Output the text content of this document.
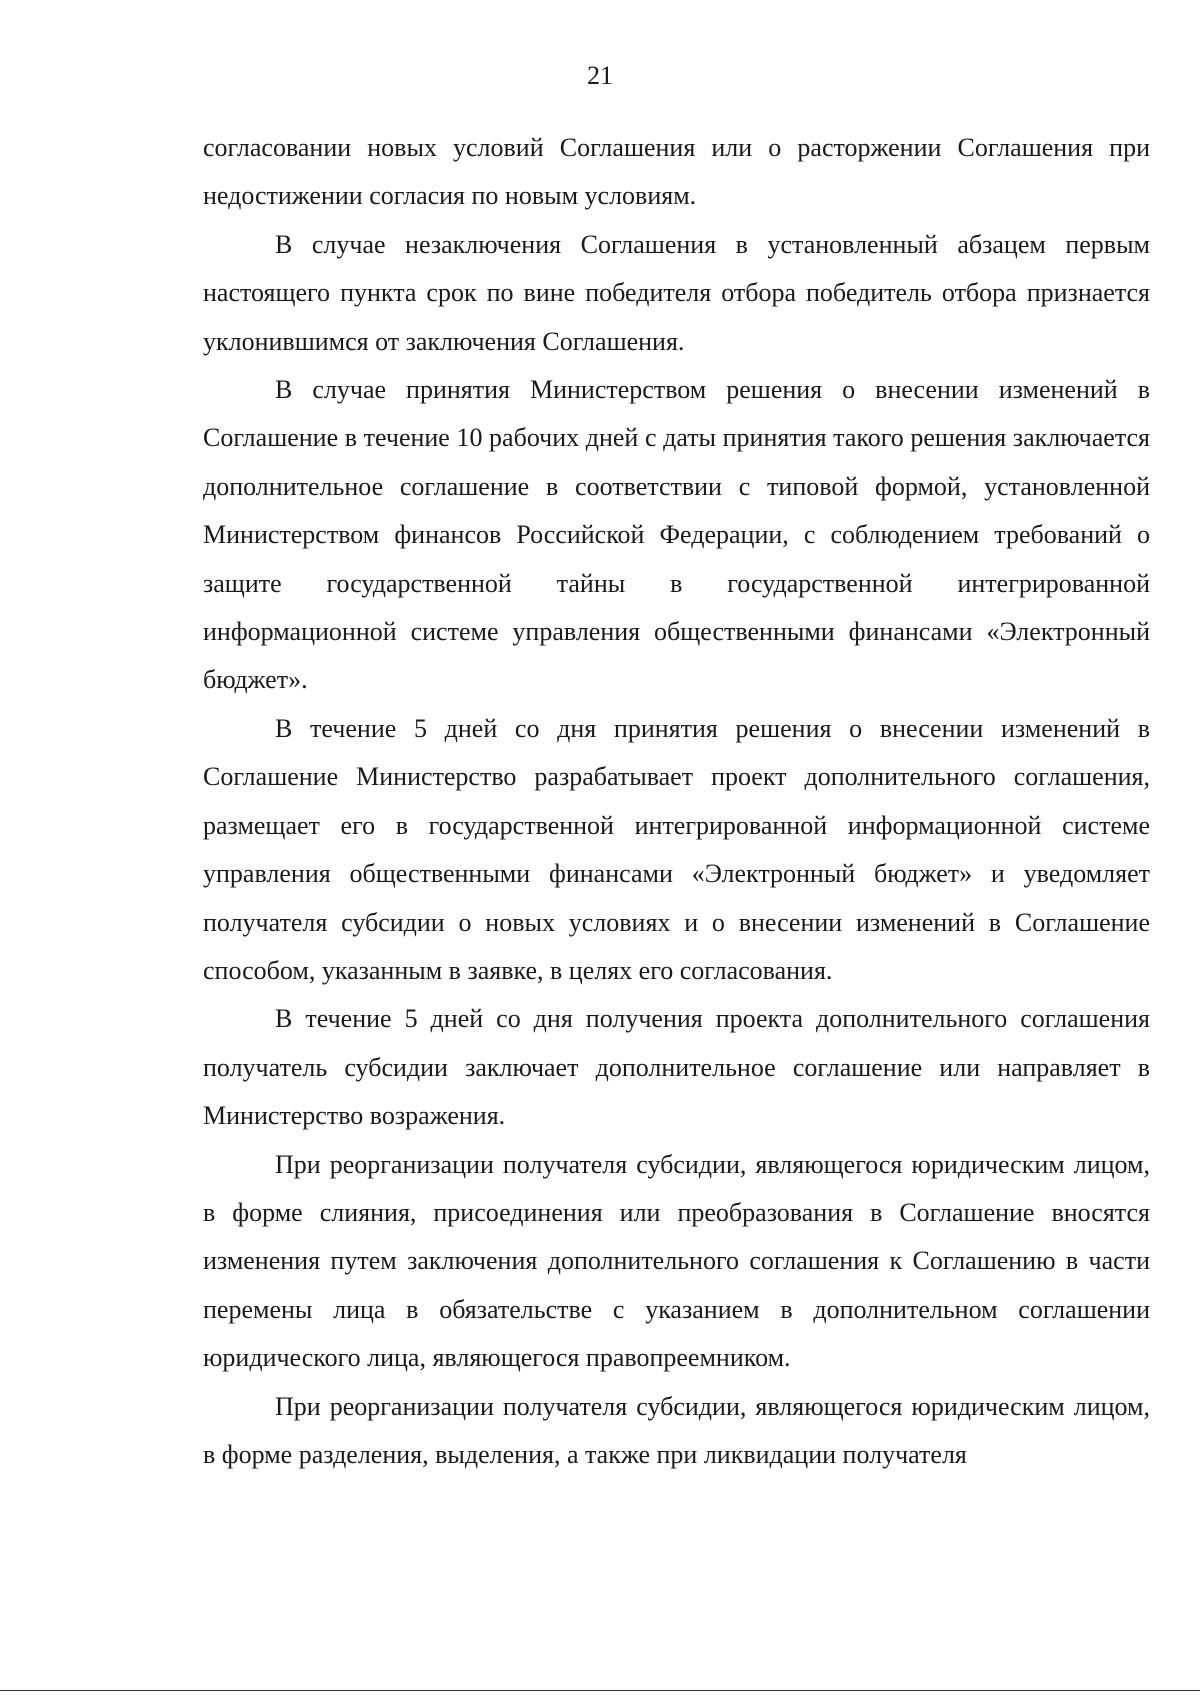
21

согласовании новых условий Соглашения или о расторжении Соглашения при недостижении согласия по новым условиям.

В случае незаключения Соглашения в установленный абзацем первым настоящего пункта срок по вине победителя отбора победитель отбора признается уклонившимся от заключения Соглашения.

В случае принятия Министерством решения о внесении изменений в Соглашение в течение 10 рабочих дней с даты принятия такого решения заключается дополнительное соглашение в соответствии с типовой формой, установленной Министерством финансов Российской Федерации, с соблюдением требований о защите государственной тайны в государственной интегрированной информационной системе управления общественными финансами «Электронный бюджет».

В течение 5 дней со дня принятия решения о внесении изменений в Соглашение Министерство разрабатывает проект дополнительного соглашения, размещает его в государственной интегрированной информационной системе управления общественными финансами «Электронный бюджет» и уведомляет получателя субсидии о новых условиях и о внесении изменений в Соглашение способом, указанным в заявке, в целях его согласования.

В течение 5 дней со дня получения проекта дополнительного соглашения получатель субсидии заключает дополнительное соглашение или направляет в Министерство возражения.

При реорганизации получателя субсидии, являющегося юридическим лицом, в форме слияния, присоединения или преобразования в Соглашение вносятся изменения путем заключения дополнительного соглашения к Соглашению в части перемены лица в обязательстве с указанием в дополнительном соглашении юридического лица, являющегося правопреемником.

При реорганизации получателя субсидии, являющегося юридическим лицом, в форме разделения, выделения, а также при ликвидации получателя
